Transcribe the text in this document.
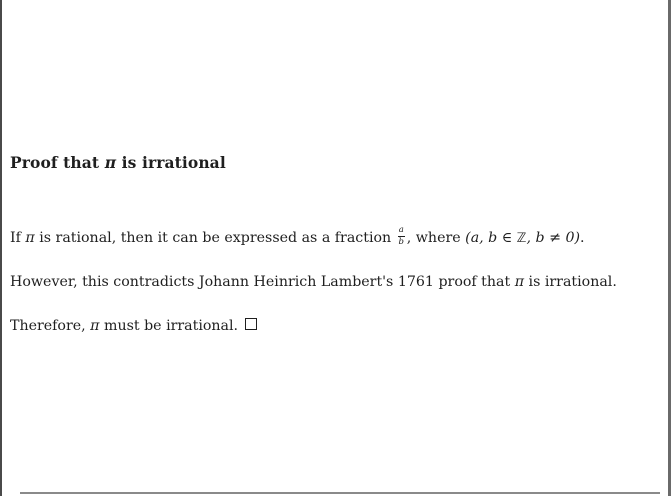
Proof that π is irrational
If π is rational, then it can be expressed as a fraction $\frac{a}{b}$ , where (a, b ∈ ℤ, b ≠ 0).
However, this contradicts Johann Heinrich Lambert's 1761 proof that π is irrational.
Therefore, π must be irrational.
